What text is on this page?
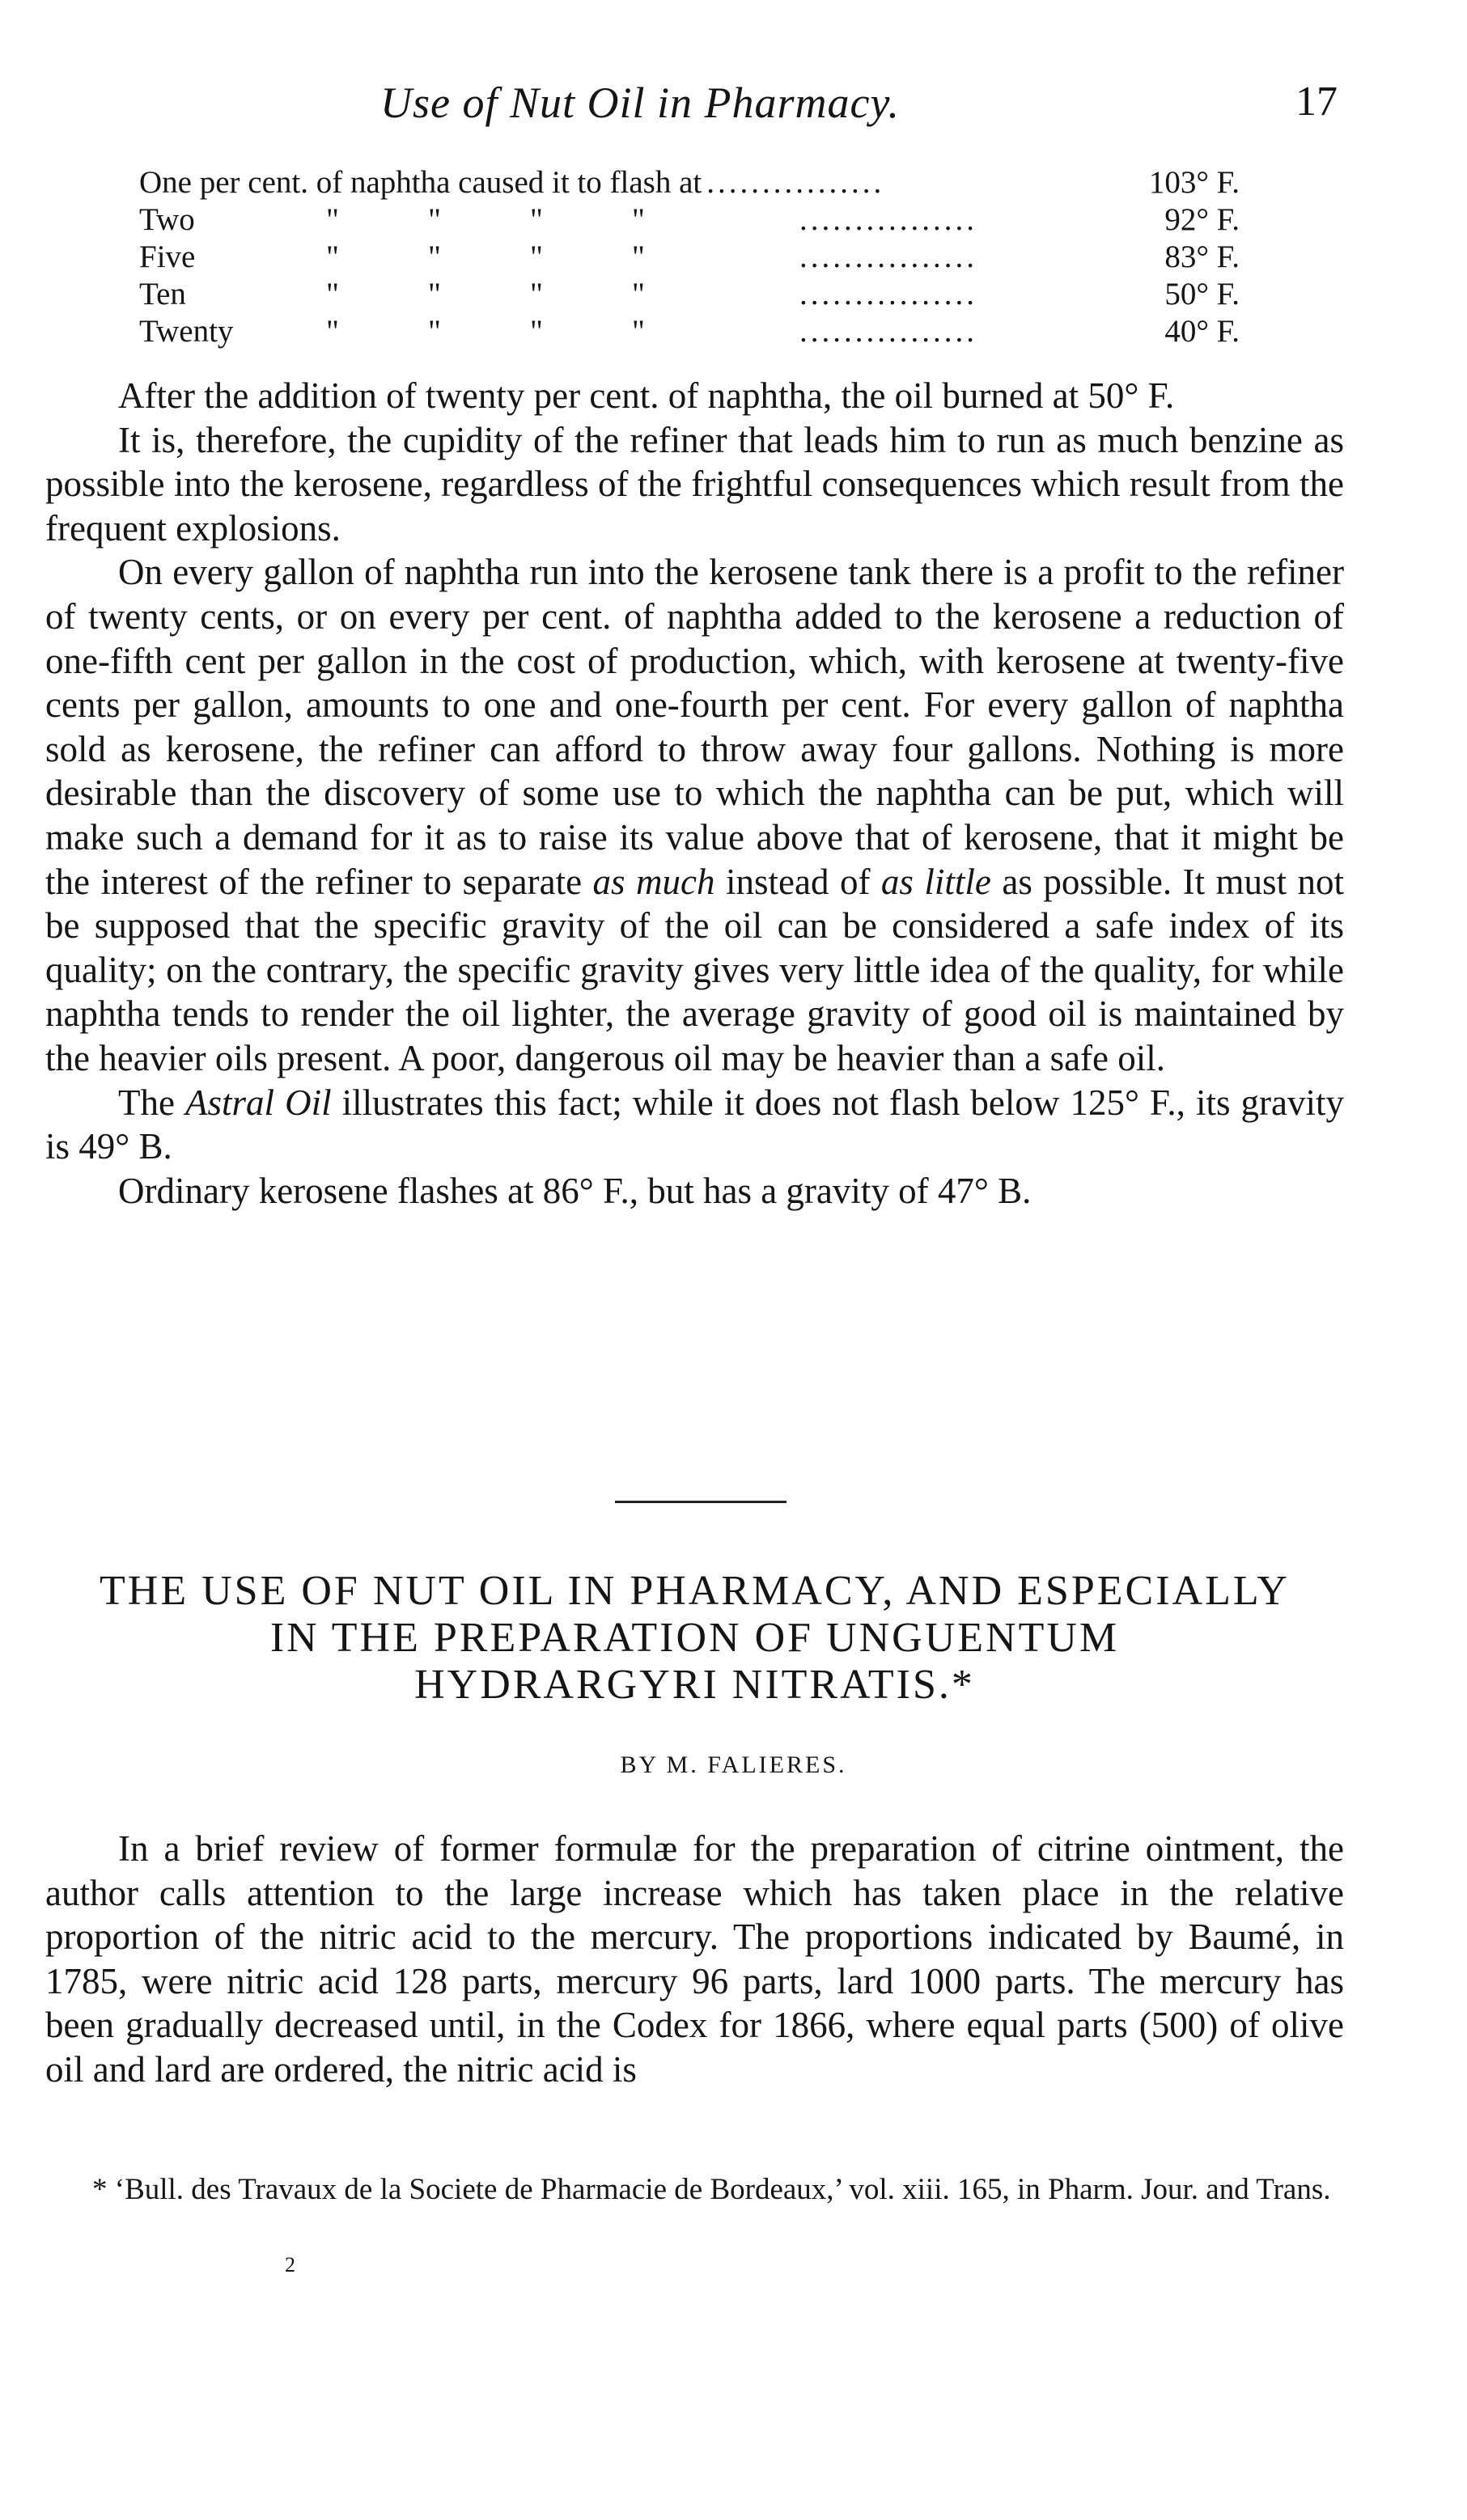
Use of Nut Oil in Pharmacy.	17
One per cent. of naphtha caused it to flash at ................	103° F.
Two	"	"	"	"	................	92° F.
Five	"	"	"	"	................	83° F.
Ten	"	"	"	"	................	50° F.
Twenty	"	"	"	"	................	40° F.

After the addition of twenty per cent. of naphtha, the oil burned at 50° F.

It is, therefore, the cupidity of the refiner that leads him to run as much benzine as possible into the kerosene, regardless of the frightful consequences which result from the frequent explosions.

On every gallon of naphtha run into the kerosene tank there is a profit to the refiner of twenty cents, or on every per cent. of naphtha added to the kerosene a reduction of one-fifth cent per gallon in the cost of production, which, with kerosene at twenty-five cents per gallon, amounts to one and one-fourth per cent. For every gallon of naphtha sold as kerosene, the refiner can afford to throw away four gallons. Nothing is more desirable than the discovery of some use to which the naphtha can be put, which will make such a demand for it as to raise its value above that of kerosene, that it might be the interest of the refiner to separate as much instead of as little as possible. It must not be supposed that the specific gravity of the oil can be considered a safe index of its quality; on the contrary, the specific gravity gives very little idea of the quality, for while naphtha tends to render the oil lighter, the average gravity of good oil is maintained by the heavier oils present. A poor, dangerous oil may be heavier than a safe oil.

The Astral Oil illustrates this fact; while it does not flash below 125° F., its gravity is 49° B.

Ordinary kerosene flashes at 86° F., but has a gravity of 47° B.

THE USE OF NUT OIL IN PHARMACY, AND ESPECIALLY
IN THE PREPARATION OF UNGUENTUM
HYDRARGYRI NITRATIS.*
BY M. FALIERES.

In a brief review of former formulæ for the preparation of citrine ointment, the author calls attention to the large increase which has taken place in the relative proportion of the nitric acid to the mercury. The proportions indicated by Baumé, in 1785, were nitric acid 128 parts, mercury 96 parts, lard 1000 parts. The mercury has been gradually decreased until, in the Codex for 1866, where equal parts (500) of olive oil and lard are ordered, the nitric acid is

* ‘Bull. des Travaux de la Societe de Pharmacie de Bordeaux,’ vol. xiii. 165, in Pharm. Jour. and Trans.
2
